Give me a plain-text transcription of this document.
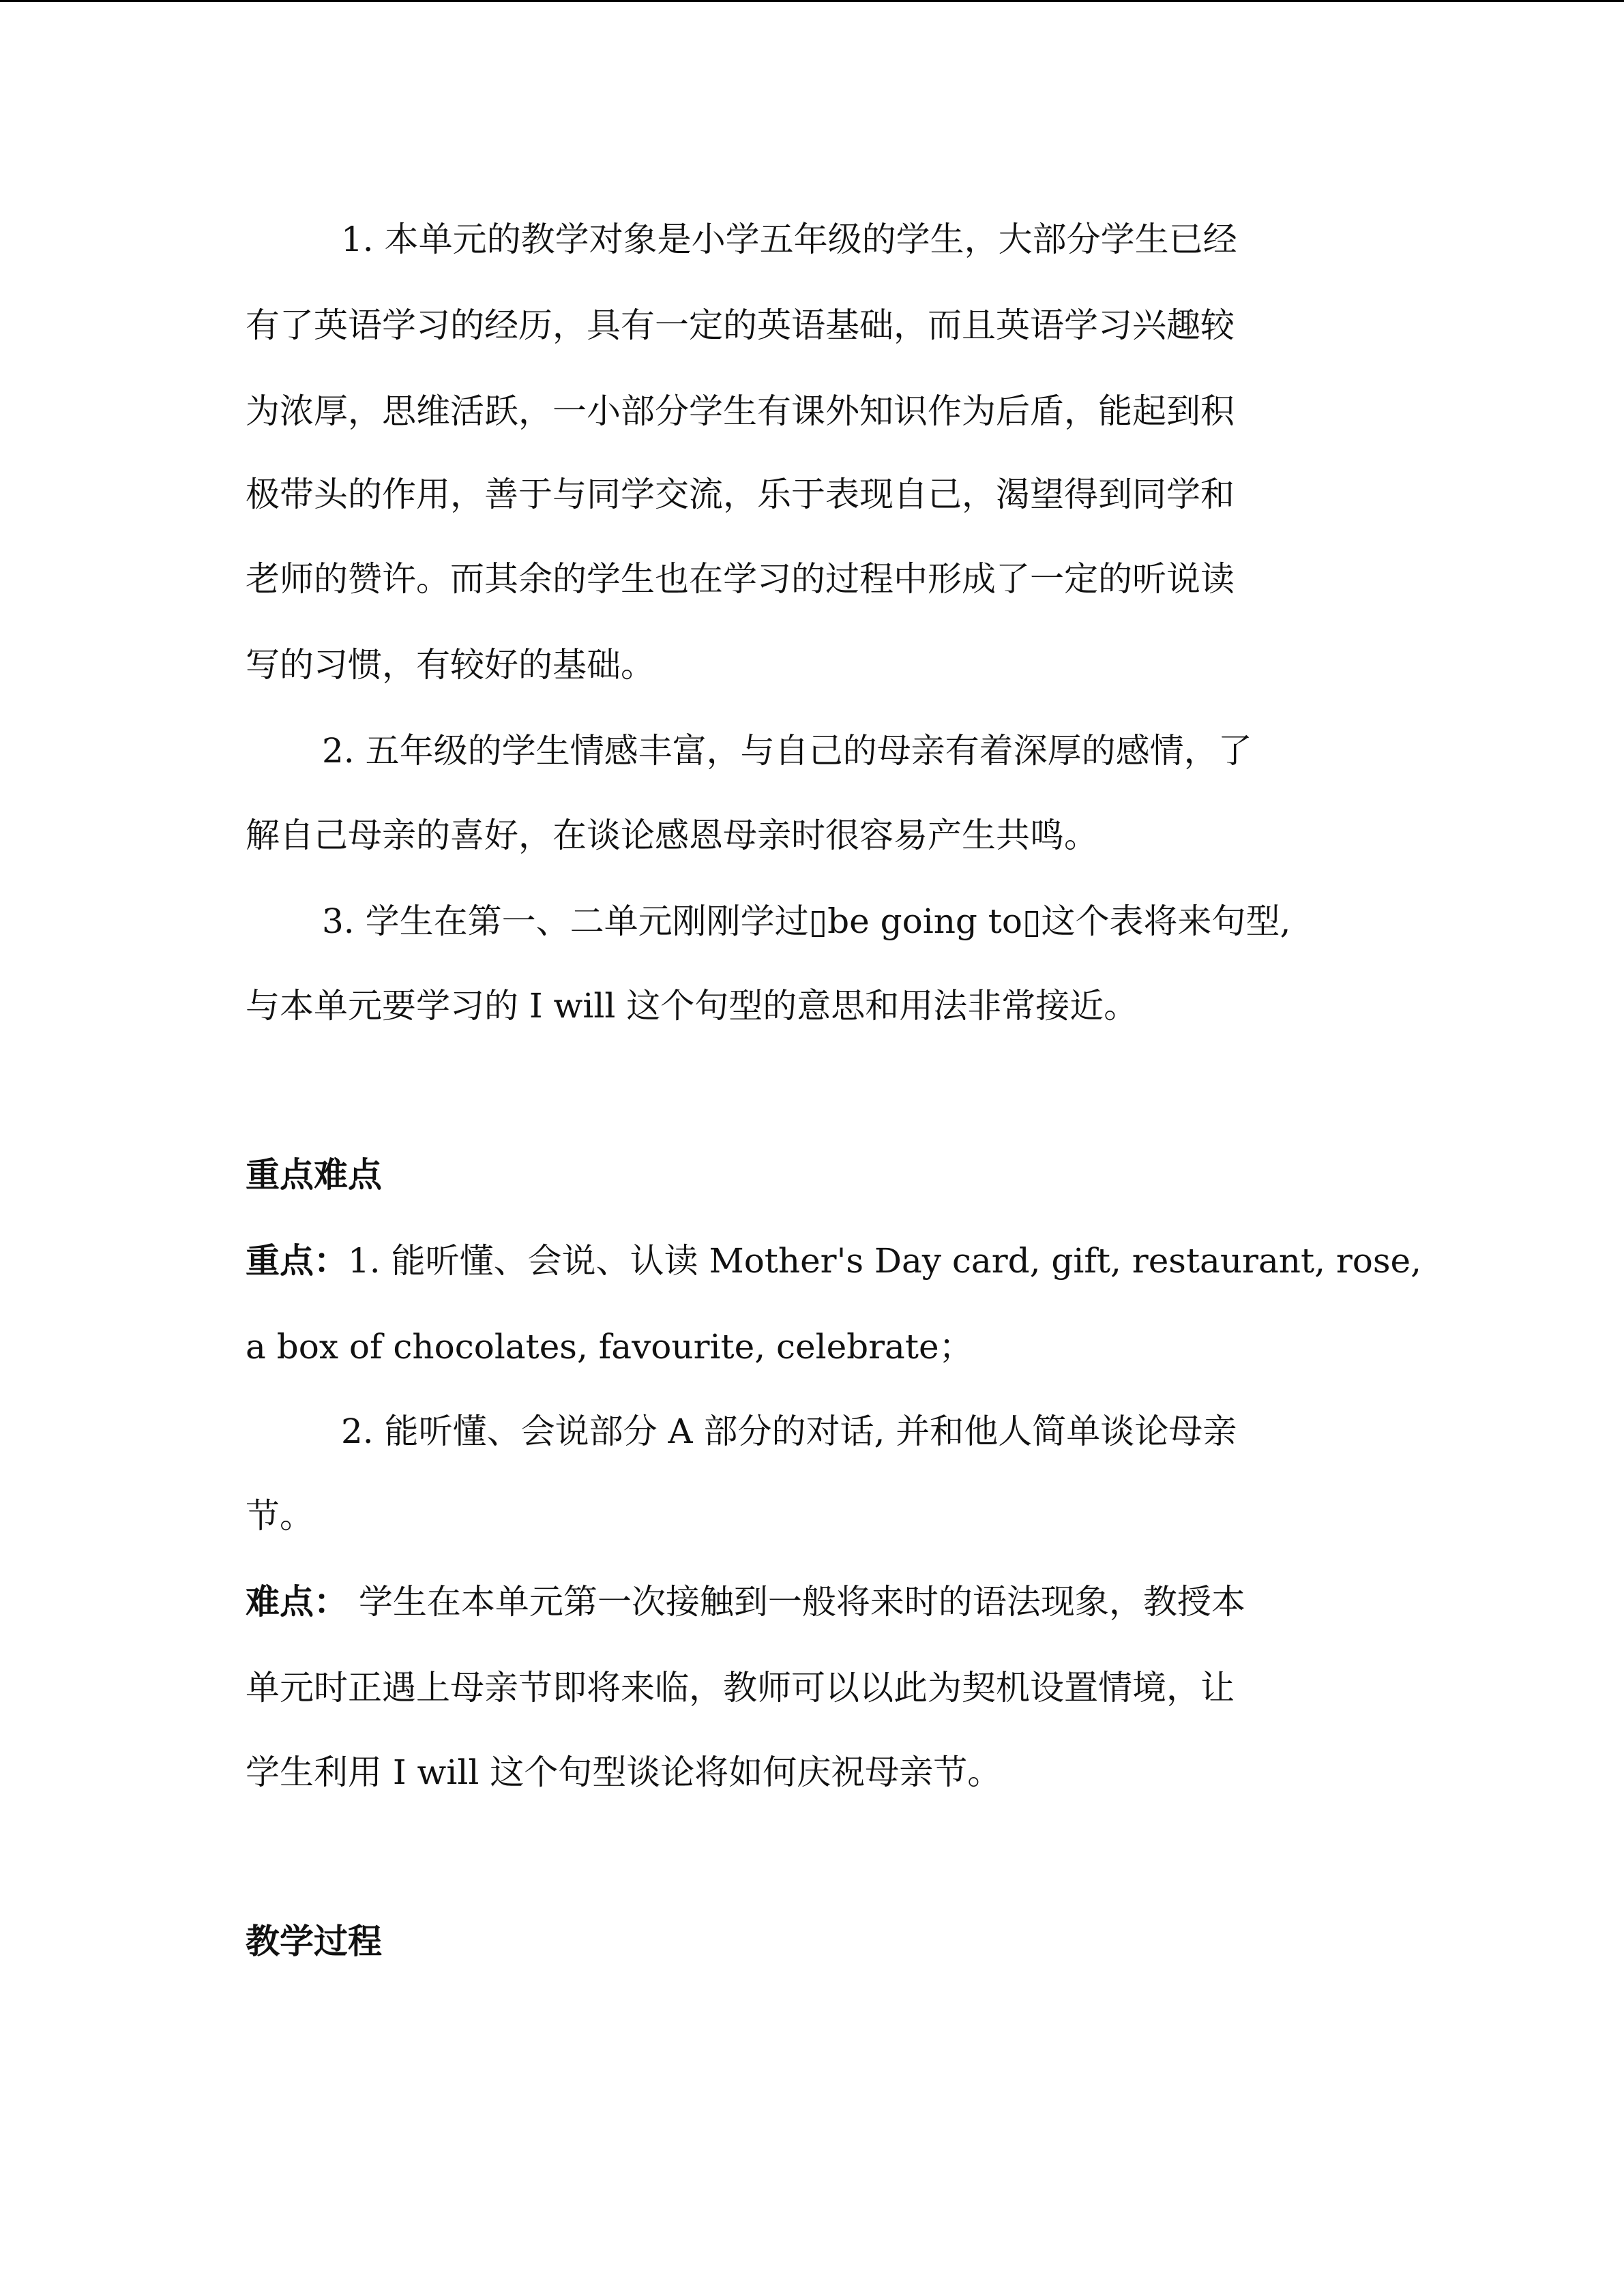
1. 本单元的教学对象是小学五年级的学生，大部分学生已经
有了英语学习的经历，具有一定的英语基础，而且英语学习兴趣较
为浓厚，思维活跃，一小部分学生有课外知识作为后盾，能起到积
极带头的作用，善于与同学交流，乐于表现自己，渴望得到同学和
老师的赞许。而其余的学生也在学习的过程中形成了一定的听说读
写的习惯，有较好的基础。
2. 五年级的学生情感丰富，与自己的母亲有着深厚的感情，了
解自己母亲的喜好，在谈论感恩母亲时很容易产生共鸣。
3. 学生在第一、二单元刚刚学过▯be going to▯这个表将来句型,
与本单元要学习的 I will 这个句型的意思和用法非常接近。
重点难点
重点：1. 能听懂、会说、认读 Mother's Day card, gift, restaurant, rose,
a box of chocolates, favourite, celebrate；
2. 能听懂、会说部分 A 部分的对话, 并和他人简单谈论母亲
节。
难点： 学生在本单元第一次接触到一般将来时的语法现象，教授本
单元时正遇上母亲节即将来临，教师可以以此为契机设置情境，让
学生利用 I will 这个句型谈论将如何庆祝母亲节。
教学过程
